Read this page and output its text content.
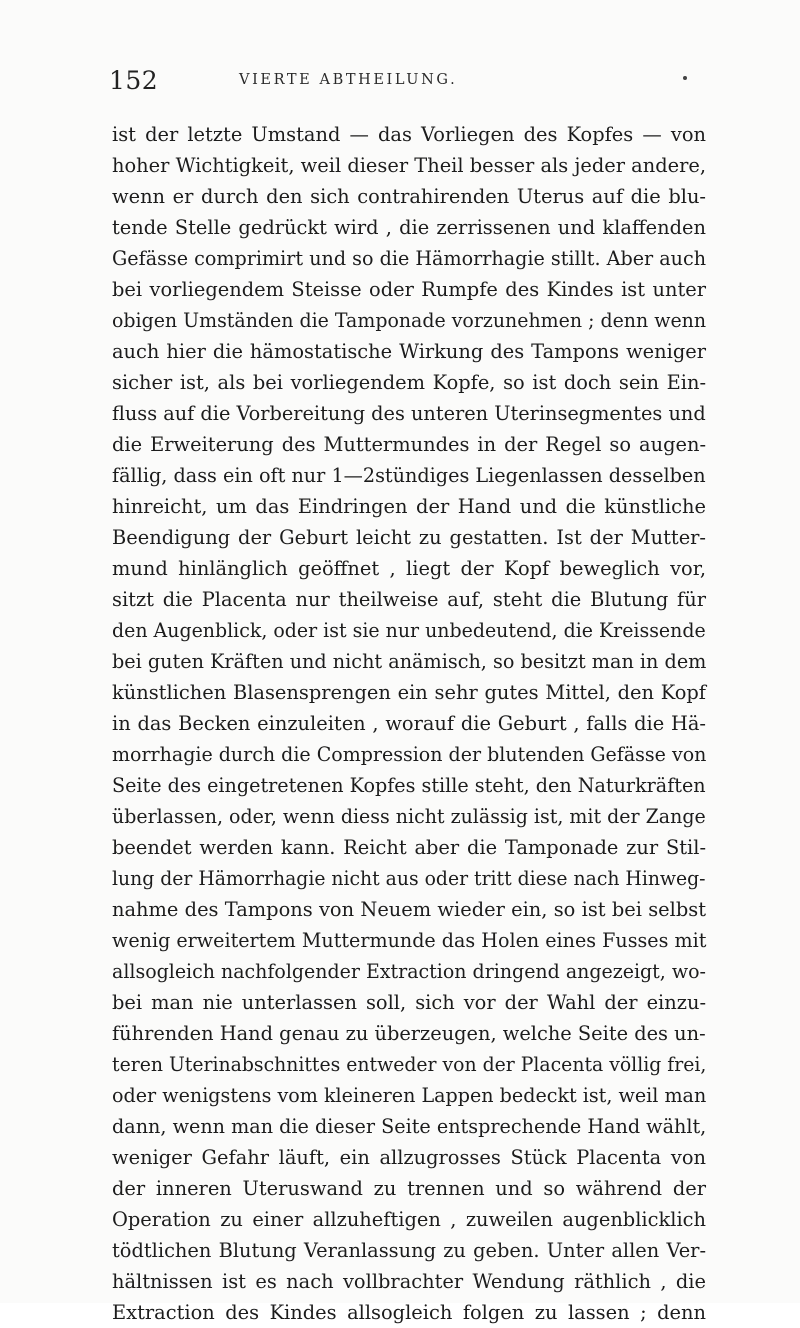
152	VIERTE ABTHEILUNG.
ist der letzte Umstand — das Vorliegen des Kopfes — von
hoher Wichtigkeit, weil dieser Theil besser als jeder andere,
wenn er durch den sich contrahirenden Uterus auf die blu-
tende Stelle gedrückt wird , die zerrissenen und klaffenden
Gefässe comprimirt und so die Hämorrhagie stillt. Aber auch
bei vorliegendem Steisse oder Rumpfe des Kindes ist unter
obigen Umständen die Tamponade vorzunehmen ; denn wenn
auch hier die hämostatische Wirkung des Tampons weniger
sicher ist, als bei vorliegendem Kopfe, so ist doch sein Ein-
fluss auf die Vorbereitung des unteren Uterinsegmentes und
die Erweiterung des Muttermundes in der Regel so augen-
fällig, dass ein oft nur 1—2stündiges Liegenlassen desselben
hinreicht, um das Eindringen der Hand und die künstliche
Beendigung der Geburt leicht zu gestatten. Ist der Mutter-
mund hinlänglich geöffnet , liegt der Kopf beweglich vor,
sitzt die Placenta nur theilweise auf, steht die Blutung für
den Augenblick, oder ist sie nur unbedeutend, die Kreissende
bei guten Kräften und nicht anämisch, so besitzt man in dem
künstlichen Blasensprengen ein sehr gutes Mittel, den Kopf
in das Becken einzuleiten , worauf die Geburt , falls die Hä-
morrhagie durch die Compression der blutenden Gefässe von
Seite des eingetretenen Kopfes stille steht, den Naturkräften
überlassen, oder, wenn diess nicht zulässig ist, mit der Zange
beendet werden kann. Reicht aber die Tamponade zur Stil-
lung der Hämorrhagie nicht aus oder tritt diese nach Hinweg-
nahme des Tampons von Neuem wieder ein, so ist bei selbst
wenig erweitertem Muttermunde das Holen eines Fusses mit
allsogleich nachfolgender Extraction dringend angezeigt, wo-
bei man nie unterlassen soll, sich vor der Wahl der einzu-
führenden Hand genau zu überzeugen, welche Seite des un-
teren Uterinabschnittes entweder von der Placenta völlig frei,
oder wenigstens vom kleineren Lappen bedeckt ist, weil man
dann, wenn man die dieser Seite entsprechende Hand wählt,
weniger Gefahr läuft, ein allzugrosses Stück Placenta von
der inneren Uteruswand zu trennen und so während der
Operation zu einer allzuheftigen , zuweilen augenblicklich
tödtlichen Blutung Veranlassung zu geben. Unter allen Ver-
hältnissen ist es nach vollbrachter Wendung räthlich , die
Extraction des Kindes allsogleich folgen zu lassen ; denn
